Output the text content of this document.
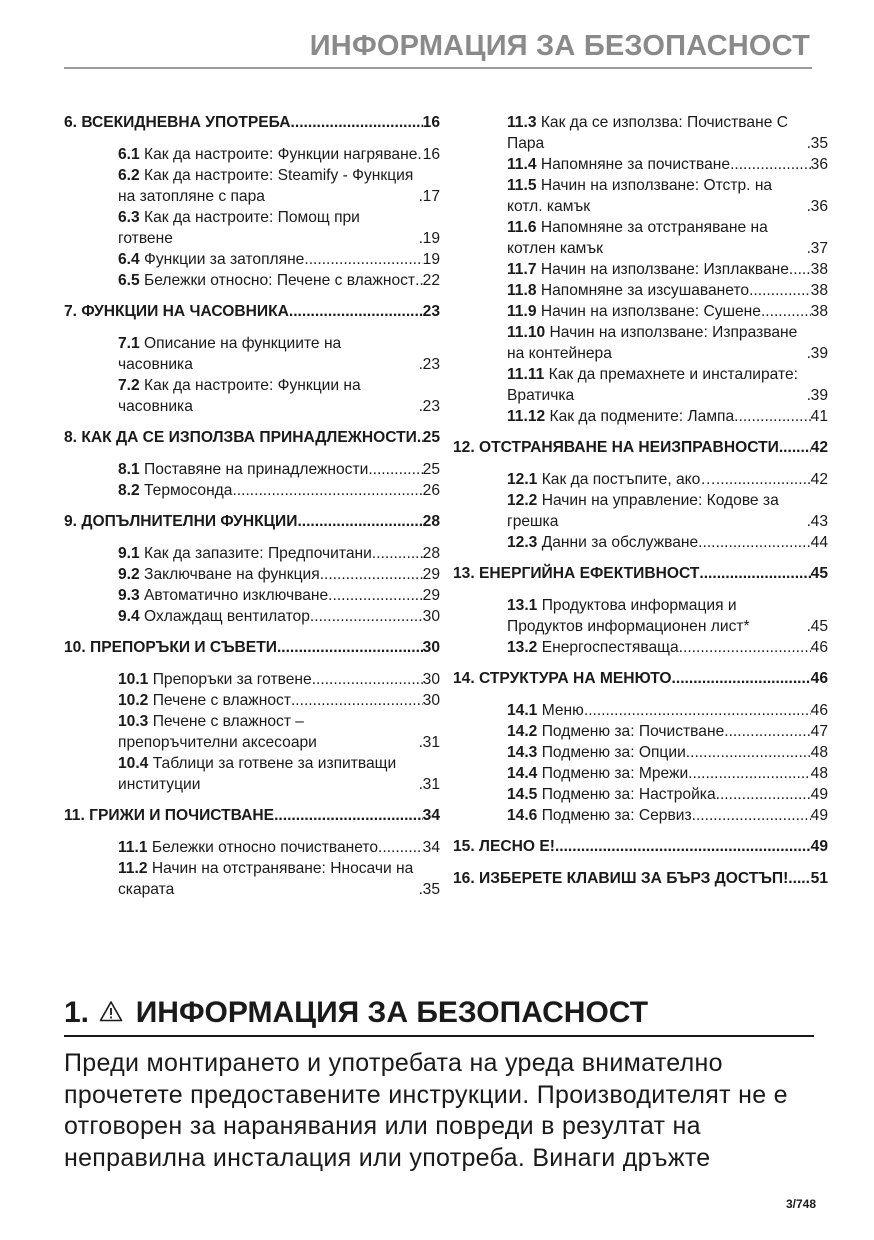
ИНФОРМАЦИЯ ЗА БЕЗОПАСНОСТ
6. ВСЕКИДНЕВНА УПОТРЕБА .....	16
6.1 Как да настроите: Функции нагряване ..... 16
6.2 Как да настроите: Steamify - Функция на затопляне с пара .....	17
6.3 Как да настроите: Помощ при готвене .....	19
6.4 Функции за затопляне .....	19
6.5 Бележки относно: Печене с влажност ..... 22
7. ФУНКЦИИ НА ЧАСОВНИКА .....	23
7.1 Описание на функциите на часовника .....	23
7.2 Как да настроите: Функции на часовника .....	23
8. КАК ДА СЕ ИЗПОЛЗВА ПРИНАДЛЕЖНОСТИ ..... 25
8.1 Поставяне на принадлежности .....	25
8.2 Термосонда .....	26
9. ДОПЪЛНИТЕЛНИ ФУНКЦИИ .....	28
9.1 Как да запазите: Предпочитани .....	28
9.2 Заключване на функция .....	29
9.3 Автоматично изключване .....	29
9.4 Охлаждащ вентилатор .....	30
10. ПРЕПОРЪКИ И СЪВЕТИ .....	30
10.1 Препоръки за готвене .....	30
10.2 Печене с влажност .....	30
10.3 Печене с влажност – препоръчителни аксесоари .....	31
10.4 Таблици за готвене за изпитващи институции .....	31
11. ГРИЖИ И ПОЧИСТВАНЕ .....	34
11.1 Бележки относно почистването .....	34
11.2 Начин на отстраняване: Нносачи на скарата .....	35
11.3 Как да се използва: Почистване С Пара .....	35
11.4 Напомняне за почистване .....	36
11.5 Начин на използване: Отстр. на котл. камък .....	36
11.6 Напомняне за отстраняване на котлен камък .....	37
11.7 Начин на използване: Изплакване ..... 38
11.8 Напомняне за изсушаването .....	38
11.9 Начин на използване: Сушене .....	38
11.10 Начин на използване: Изпразване на контейнера .....	39
11.11 Как да премахнете и инсталирате: Вратичка .....	39
11.12 Как да подмените: Лампа .....	41
12. ОТСТРАНЯВАНЕ НА НЕИЗПРАВНОСТИ ..... 42
12.1 Как да постъпите, ако… .....	42
12.2 Начин на управление: Кодове за грешка .....	43
12.3 Данни за обслужване .....	44
13. ЕНЕРГИЙНА ЕФЕКТИВНОСТ .....	45
13.1 Продуктова информация и Продуктов информационен лист* .....	45
13.2 Енергоспестяваща .....	46
14. СТРУКТУРА НА МЕНЮТО .....	46
14.1 Меню .....	46
14.2 Подменю за: Почистване .....	47
14.3 Подменю за: Опции .....	48
14.4 Подменю за: Мрежи .....	48
14.5 Подменю за: Настройка .....	49
14.6 Подменю за: Сервиз .....	49
15. ЛЕСНО Е! .....	49
16. ИЗБЕРЕТЕ КЛАВИШ ЗА БЪРЗ ДОСТЪП! ..... 51
1. ИНФОРМАЦИЯ ЗА БЕЗОПАСНОСТ
Преди монтирането и употребата на уреда внимателно прочетете предоставените инструкции. Производителят не е отговорен за наранявания или повреди в резултат на неправилна инсталация или употреба. Винаги дръжте
3/748
